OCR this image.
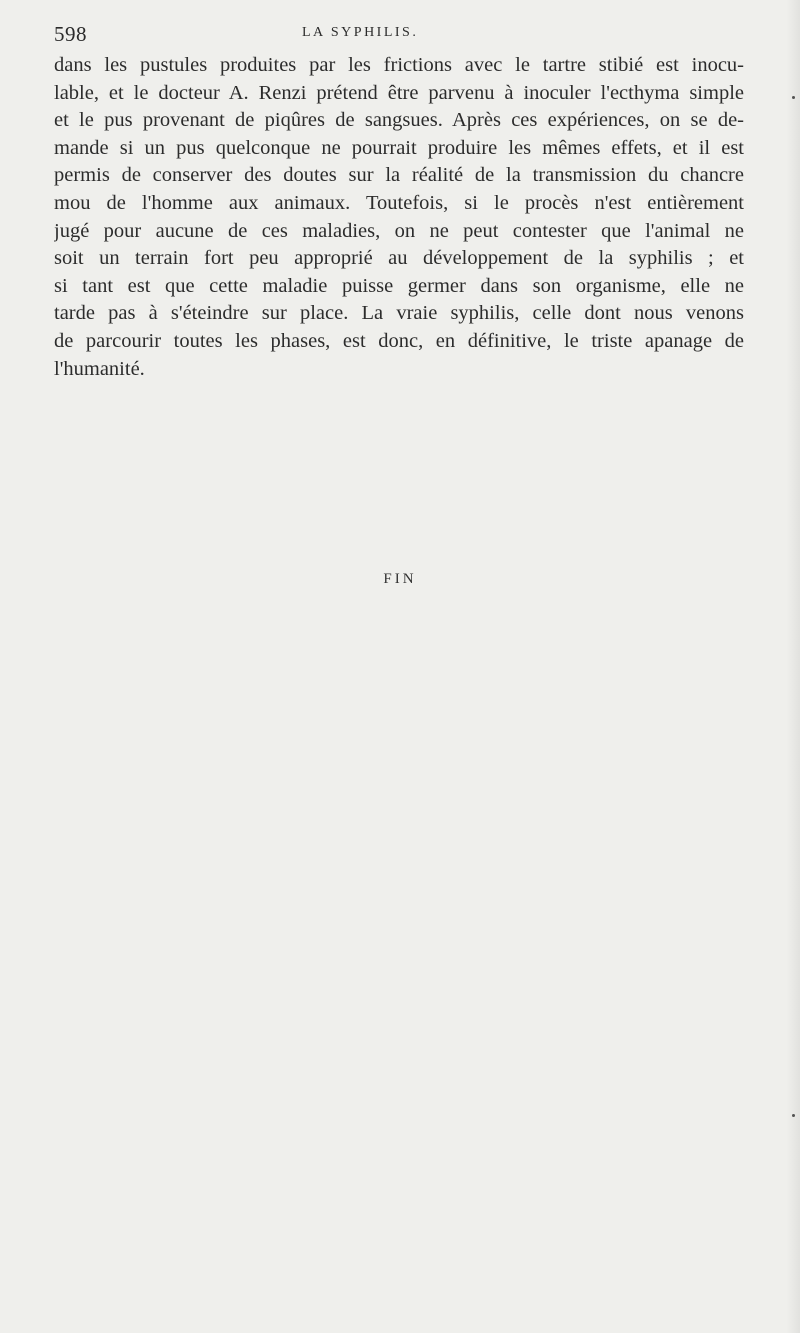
598	LA SYPHILIS.
dans les pustules produites par les frictions avec le tartre stibié est inocu-
lable, et le docteur A. Renzi prétend être parvenu à inoculer l'ecthyma simple
et le pus provenant de piqûres de sangsues. Après ces expériences, on se de-
mande si un pus quelconque ne pourrait produire les mêmes effets, et il est
permis de conserver des doutes sur la réalité de la transmission du chancre
mou de l'homme aux animaux. Toutefois, si le procès n'est entièrement
jugé pour aucune de ces maladies, on ne peut contester que l'animal ne
soit un terrain fort peu approprié au développement de la syphilis ; et
si tant est que cette maladie puisse germer dans son organisme, elle ne
tarde pas à s'éteindre sur place. La vraie syphilis, celle dont nous venons
de parcourir toutes les phases, est donc, en définitive, le triste apanage de
l'humanité.
FIN
